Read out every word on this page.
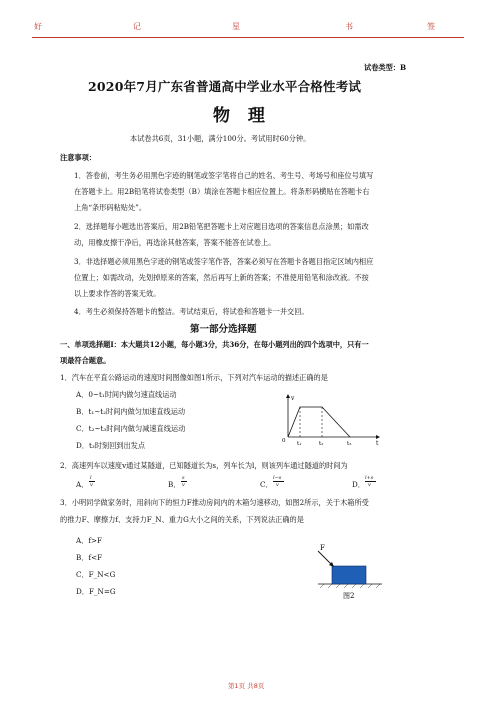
好	记	星	书	签
试卷类型：B
2020年7月广东省普通高中学业水平合格性考试
物 理
本试卷共6页，31小题，满分100分。考试用时60分钟。
注意事项：
1．答卷前，考生务必用黑色字迹的钢笔或签字笔将自己的姓名、考生号、考场号和座位号填写
在答题卡上。用2B铅笔将试卷类型（B）填涂在答题卡相应位置上。将条形码横贴在答题卡右
上角“条形码粘贴处”。
2．选择题每小题选出答案后，用2B铅笔把答题卡上对应题目选项的答案信息点涂黑；如需改
动，用橡皮擦干净后，再选涂其他答案，答案不能答在试卷上。
3．非选择题必须用黑色字迹的钢笔或签字笔作答，答案必须写在答题卡各题目指定区域内相应
位置上；如需改动，先划掉原来的答案，然后再写上新的答案；不准使用铅笔和涂改液。不按
以上要求作答的答案无效。
4．考生必须保持答题卡的整洁。考试结束后，将试卷和答题卡一并交回。
第一部分选择题
一、单项选择题Ⅰ：本大题共12小题，每小题3分，共36分，在每小题列出的四个选项中，只有一
项最符合题意。
1．汽车在平直公路运动的速度时间图像如图1所示，下列对汽车运动的描述正确的是
A．0~t₁时间内做匀速直线运动
B．t₁~t₂时间内做匀加速直线运动
C．t₂~t₃时间内做匀减速直线运动
D．t₃时刻回到出发点
v
0	t
t₁	t₂	t₃
2．高速列车以速度v通过某隧道，已知隧道长为s，列车长为l，则该列车通过隧道的时间为
A．
l
v	B．
s
v	C．
l−s
v	D．
l+s
v
3．小明同学做家务时，用斜向下的恒力F推动房间内的木箱匀速移动，如图2所示，关于木箱所受
的推力F、摩擦力f、支持力F_N、重力G大小之间的关系，下列说法正确的是
A．f>F
B．f<F
C．F_N<G
D．F_N=G
F
图2
第1页 共8页
